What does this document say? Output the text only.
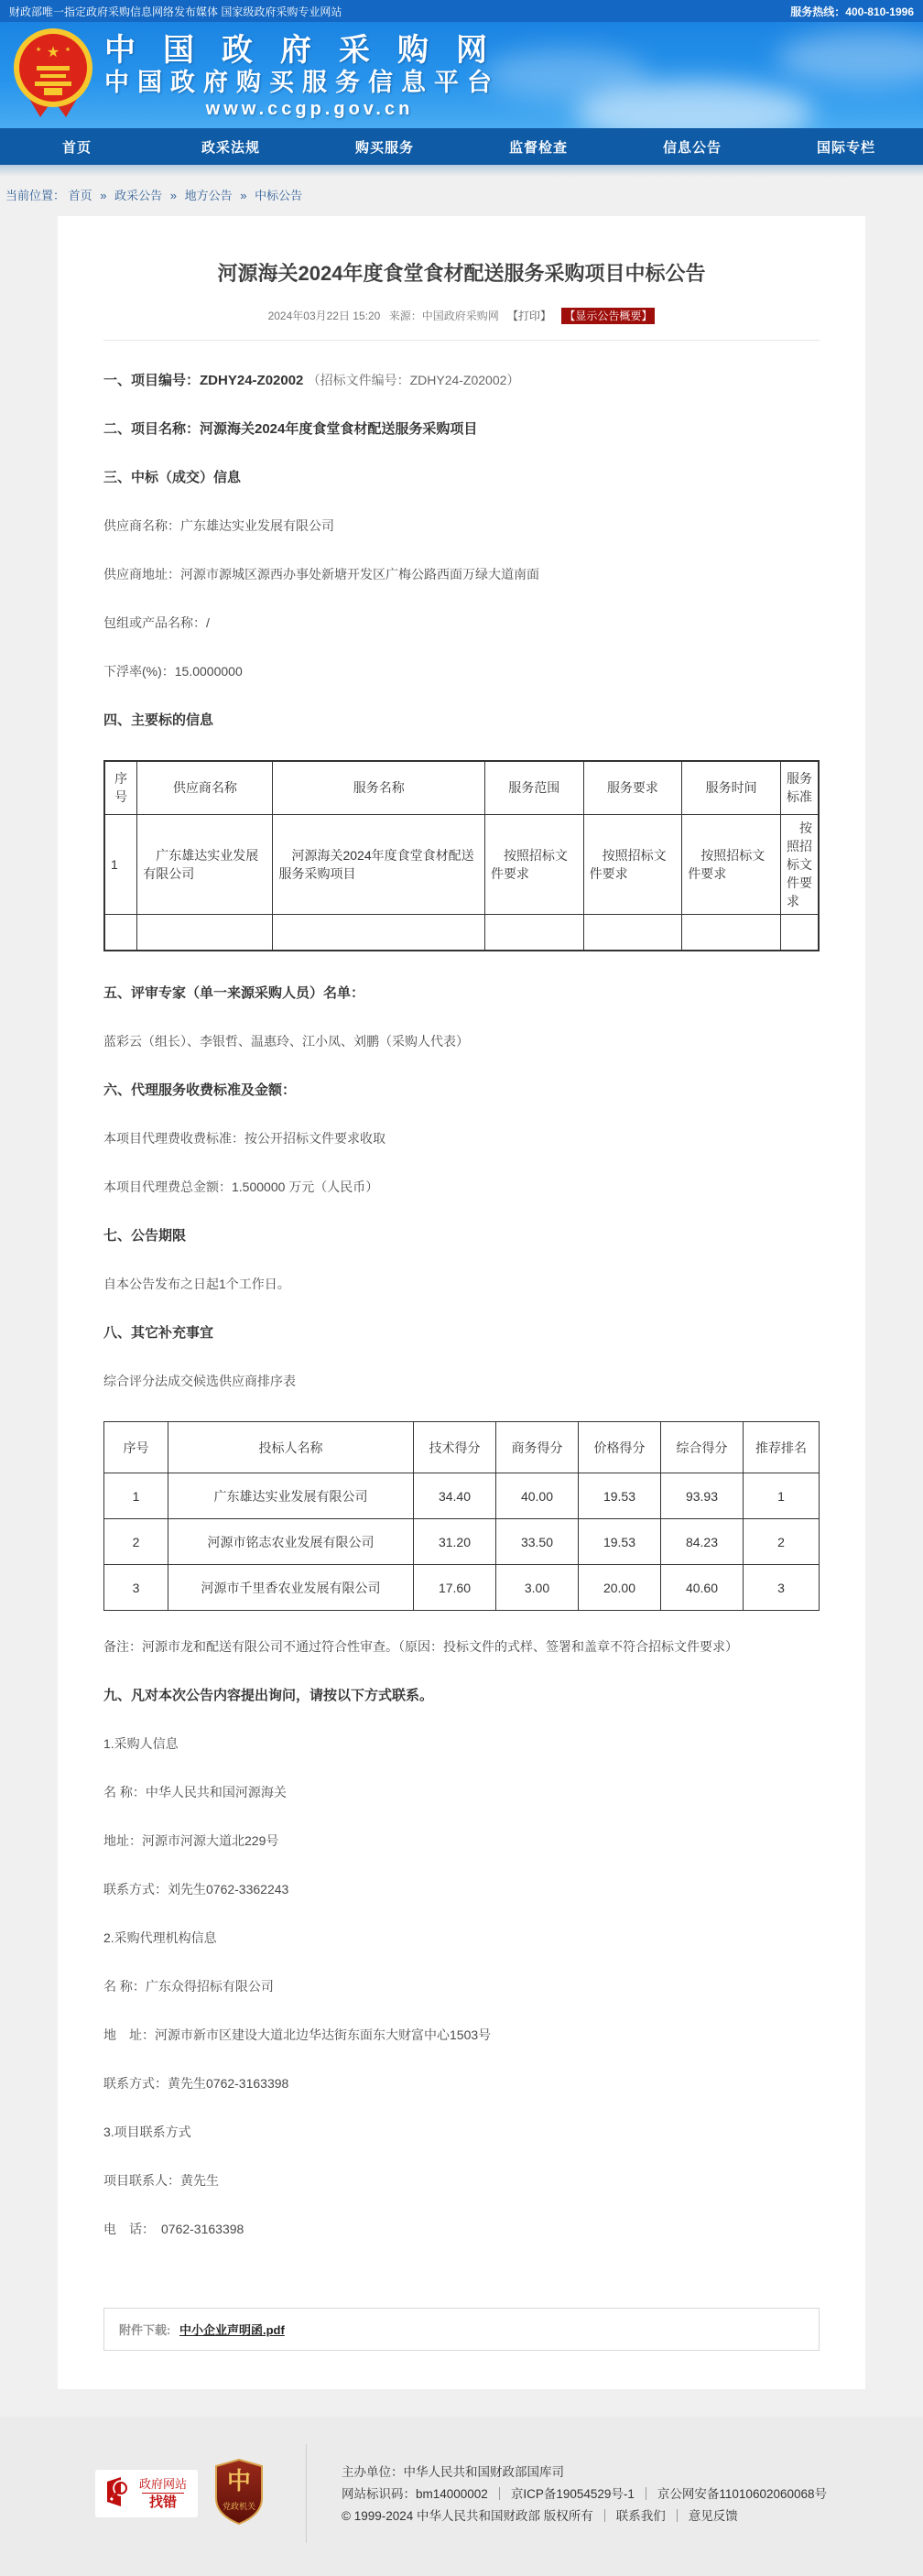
财政部唯一指定政府采购信息网络发布媒体 国家级政府采购专业网站	服务热线：400-810-1996
★
★	★ 中国政府采购网
中国政府购买服务信息平台
www.ccgp.gov.cn
首页	政采法规	购买服务	监督检查	信息公告	国际专栏
当前位置： 首页 » 政采公告 » 地方公告 » 中标公告
河源海关2024年度食堂食材配送服务采购项目中标公告
2024年03月22日 15:20 来源：中国政府采购网 【打印】 【显示公告概要】

一、项目编号：ZDHY24-Z02002 （招标文件编号：ZDHY24-Z02002）

二、项目名称：河源海关2024年度食堂食材配送服务采购项目

三、中标（成交）信息

供应商名称：广东雄达实业发展有限公司

供应商地址：河源市源城区源西办事处新塘开发区广梅公路西面万绿大道南面

包组或产品名称：/

下浮率(%)：15.0000000

四、主要标的信息

序号	供应商名称	服务名称	服务范围	服务要求	服务时间	服务标准
1	广东雄达实业发展有限公司	河源海关2024年度食堂食材配送服务采购项目	按照招标文件要求	按照招标文件要求	按照招标文件要求	按照招标文件要求

五、评审专家（单一来源采购人员）名单：

蓝彩云（组长）、李银哲、温惠玲、江小凤、刘鹏（采购人代表）

六、代理服务收费标准及金额：

本项目代理费收费标准：按公开招标文件要求收取

本项目代理费总金额：1.500000 万元（人民币）

七、公告期限

自本公告发布之日起1个工作日。

八、其它补充事宜

综合评分法成交候选供应商排序表

序号	投标人名称	技术得分	商务得分	价格得分	综合得分	推荐排名
1	广东雄达实业发展有限公司	34.40	40.00	19.53	93.93	1
2	河源市铭志农业发展有限公司	31.20	33.50	19.53	84.23	2
3	河源市千里香农业发展有限公司	17.60	3.00	20.00	40.60	3

备注：河源市龙和配送有限公司不通过符合性审查。（原因：投标文件的式样、签署和盖章不符合招标文件要求）

九、凡对本次公告内容提出询问，请按以下方式联系。

1.采购人信息

名 称：中华人民共和国河源海关

地址：河源市河源大道北229号

联系方式：刘先生0762-3362243

2.采购代理机构信息

名 称：广东众得招标有限公司

地　址：河源市新市区建设大道北边华达街东面东大财富中心1503号

联系方式：黄先生0762-3163398

3.项目联系方式

项目联系人：黄先生

电　话：　0762-3163398

附件下载: 中小企业声明函.pdf
政府网站
找错
中
党政机关
主办单位：中华人民共和国财政部国库司
网站标识码：bm14000002 京ICP备19054529号-1 京公网安备11010602060068号
© 1999-2024 中华人民共和国财政部 版权所有 联系我们 意见反馈
